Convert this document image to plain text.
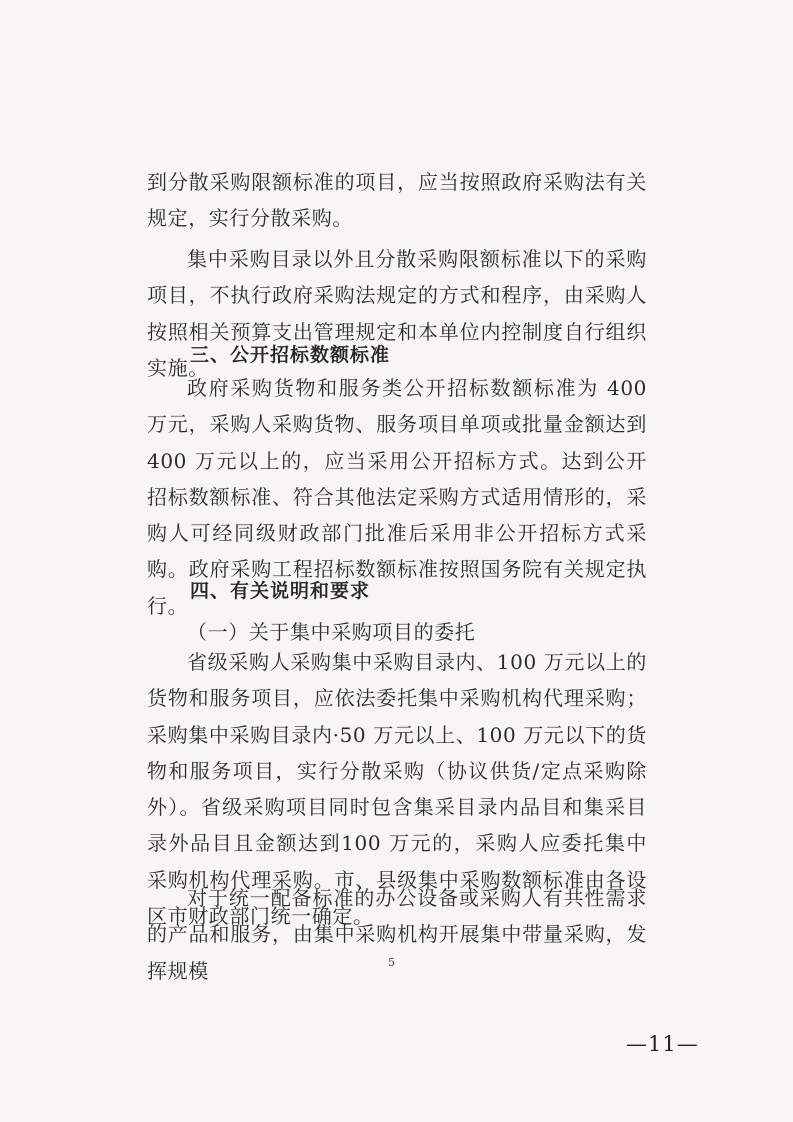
到分散采购限额标准的项目，应当按照政府采购法有关规定，实行分散采购。

集中采购目录以外且分散采购限额标准以下的采购项目，不执行政府采购法规定的方式和程序，由采购人按照相关预算支出管理规定和本单位内控制度自行组织实施。

三、公开招标数额标准

政府采购货物和服务类公开招标数额标准为 400 万元，采购人采购货物、服务项目单项或批量金额达到400 万元以上的，应当采用公开招标方式。达到公开招标数额标准、符合其他法定采购方式适用情形的，采购人可经同级财政部门批准后采用非公开招标方式采购。政府采购工程招标数额标准按照国务院有关规定执行。

四、有关说明和要求

（一）关于集中采购项目的委托

省级采购人采购集中采购目录内、100 万元以上的货物和服务项目，应依法委托集中采购机构代理采购；采购集中采购目录内·50 万元以上、100 万元以下的货物和服务项目，实行分散采购（协议供货/定点采购除外）。省级采购项目同时包含集采目录内品目和集采目录外品目且金额达到100 万元的，采购人应委托集中采购机构代理采购。市、县级集中采购数额标准由各设区市财政部门统一确定。

对于统一配备标准的办公设备或采购人有共性需求的产品和服务，由集中采购机构开展集中带量采购，发挥规模	5
—11—
